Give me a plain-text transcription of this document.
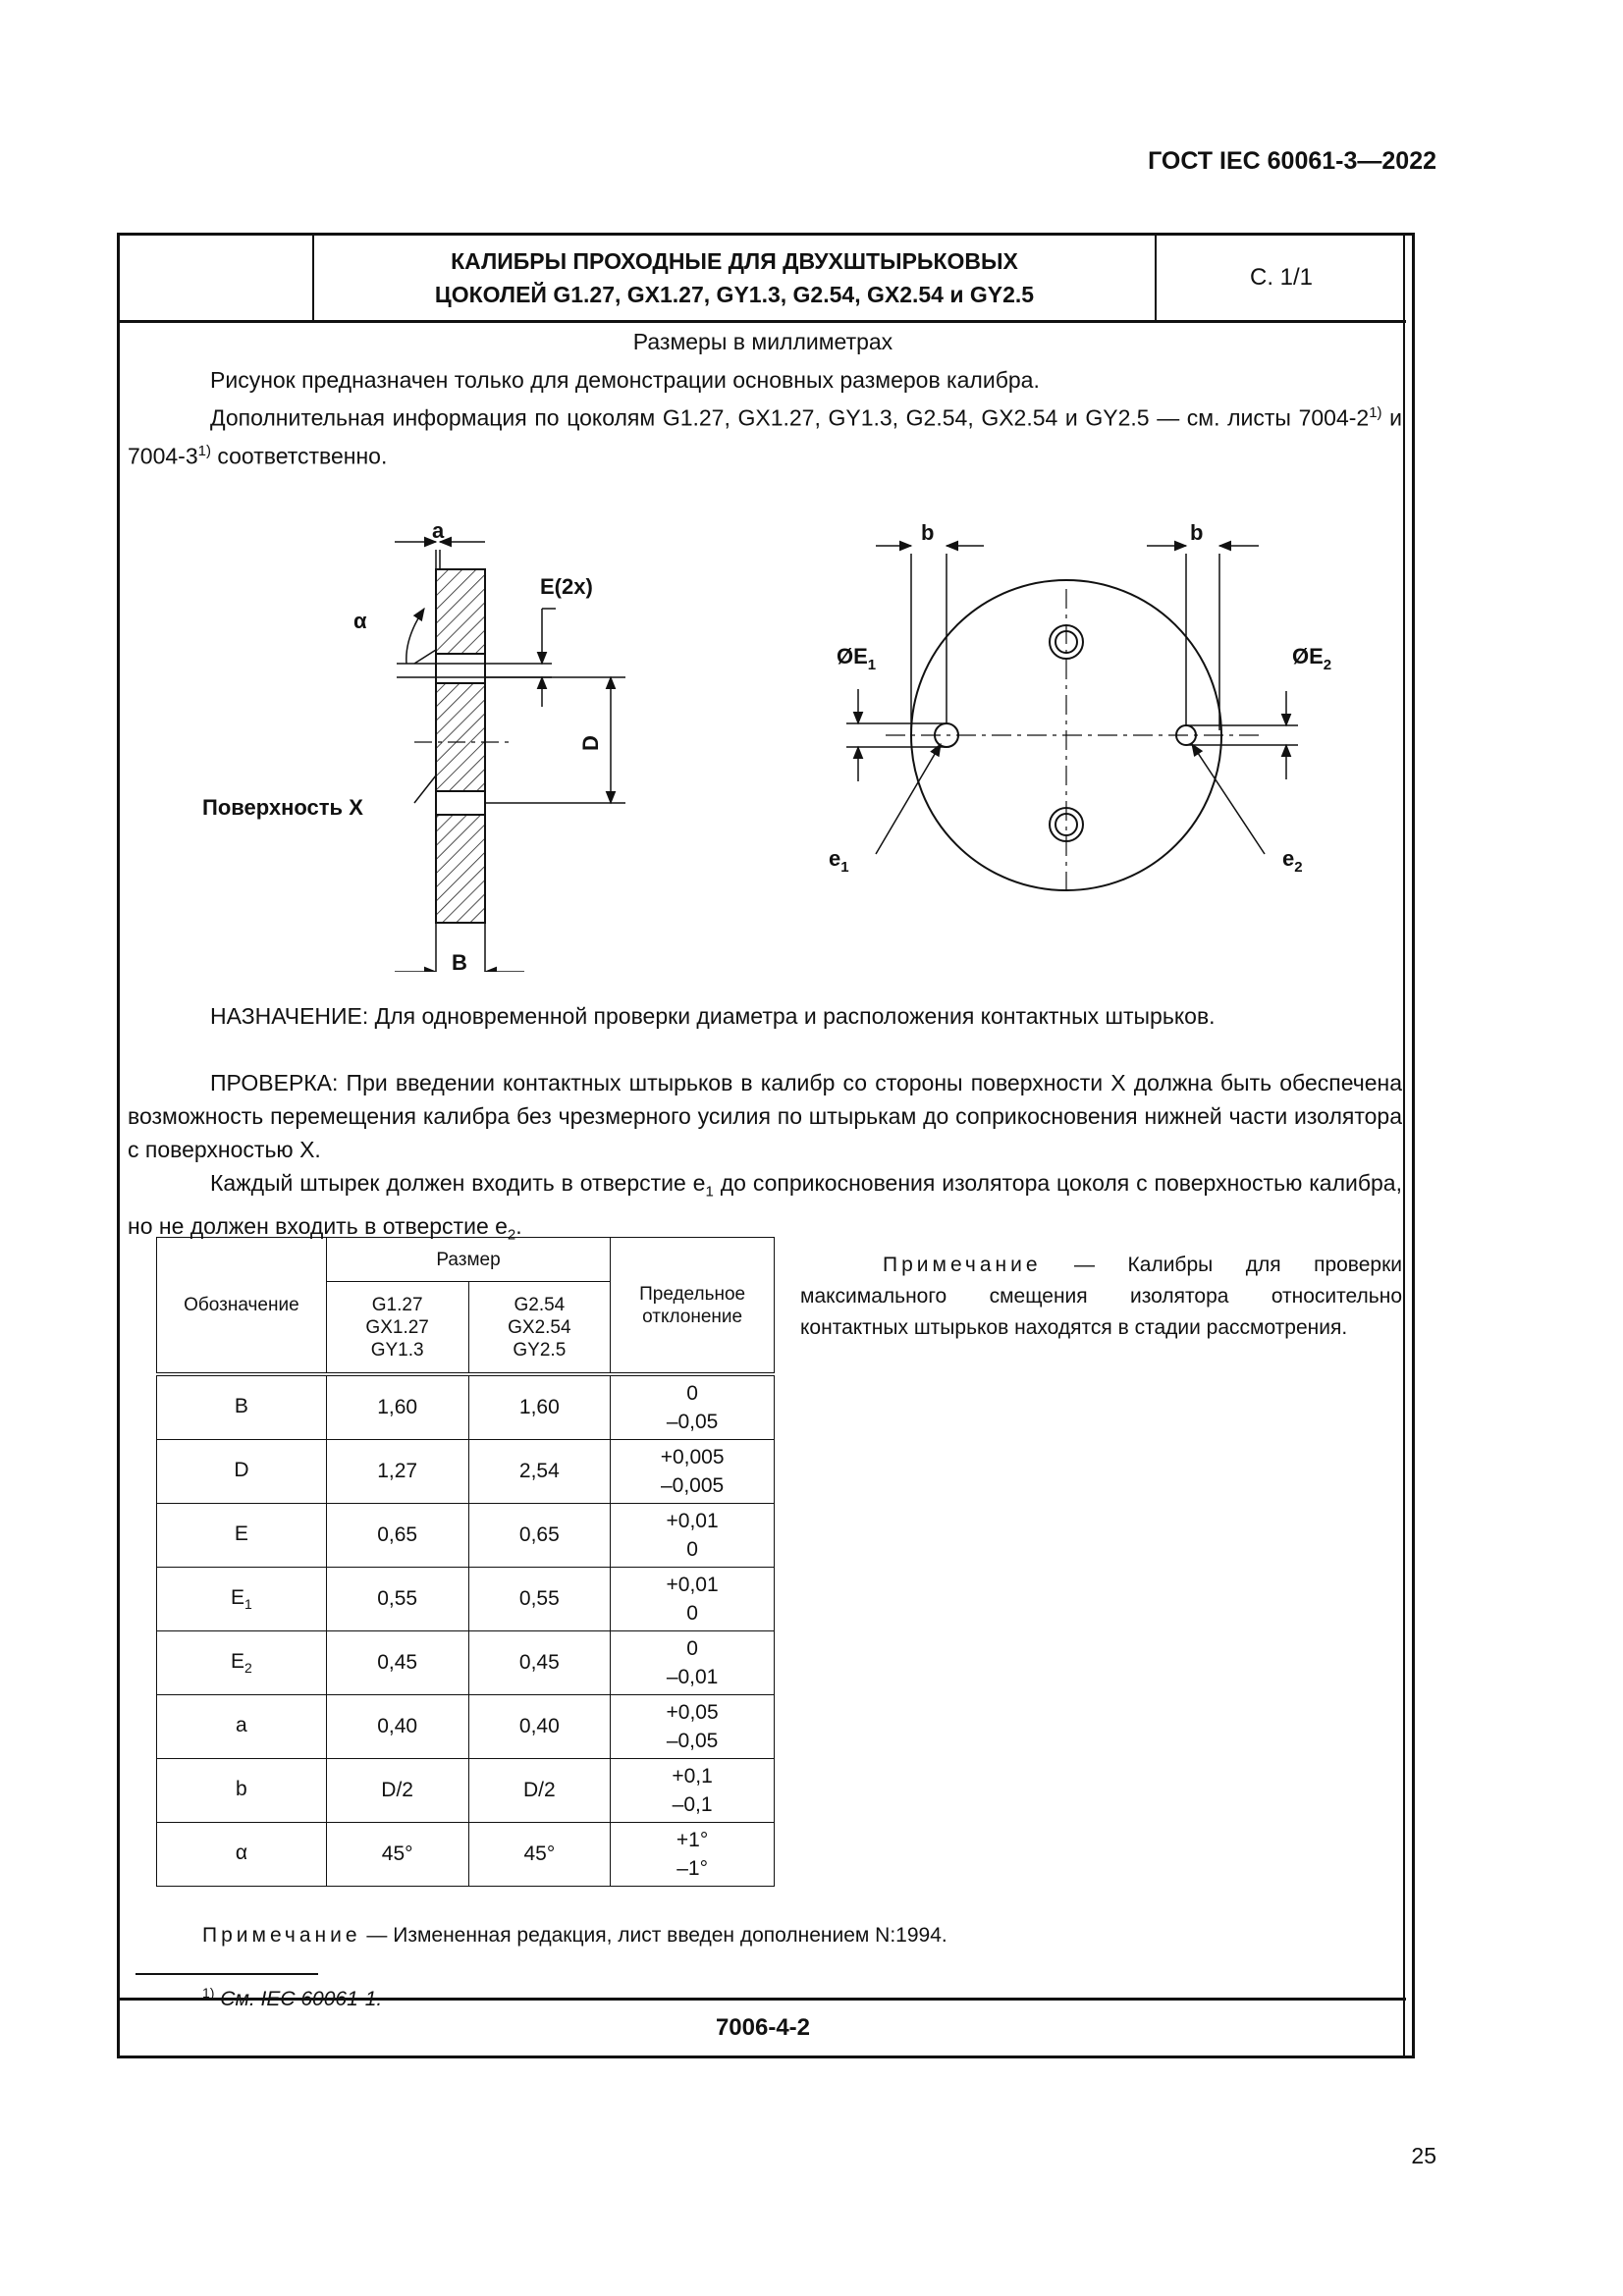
ГОСТ IEC 60061-3—2022
КАЛИБРЫ ПРОХОДНЫЕ ДЛЯ ДВУХШТЫРЬКОВЫХ
ЦОКОЛЕЙ G1.27, GX1.27, GY1.3, G2.54, GX2.54 и GY2.5
С. 1/1
Размеры в миллиметрах

Рисунок предназначен только для демонстрации основных размеров калибра.

Дополнительная информация по цоколям G1.27, GX1.27, GY1.3, G2.54, GX2.54 и GY2.5 — см. листы 7004-2$^{1)}$ и 7004-3$^{1)}$ соответственно.

a
α
E(2x)
D
Поверхность X
B
b	b
$ØE_1$	$ØE_2$
$e_1$	$e_2$

НАЗНАЧЕНИЕ: Для одновременной проверки диаметра и расположения контактных штырьков.

ПРОВЕРКА: При введении контактных штырьков в калибр со стороны поверхности X должна быть обеспечена возможность перемещения калибра без чрезмерного усилия по штырькам до соприкосновения нижней части изолятора с поверхностью X.

Каждый штырек должен входить в отверстие $e_1$ до соприкосновения изолятора цоколя с поверхностью калибра, но не должен входить в отверстие $e_2$.

Обозначение	Размер		Предельное
отклонение
	G1.27
GX1.27
GY1.3	G2.54
GX2.54
GY2.5	
B	1,60	1,60	0
–0,05
D	1,27	2,54	+0,005
–0,005
E	0,65	0,65	+0,01
0
$E_1$	0,55	0,55	+0,01
0
$E_2$	0,45	0,45	0
–0,01
a	0,40	0,40	+0,05
–0,05
b	D/2	D/2	+0,1
–0,1
α	45°	45°	+1°
–1°

Примечание — Калибры для проверки максимального смещения изолятора относительно контактных штырьков находятся в стадии рассмотрения.

Примечание — Измененная редакция, лист введен дополнением N:1994.
$^{1)}$ См. IEC 60061-1.
7006-4-2
25
